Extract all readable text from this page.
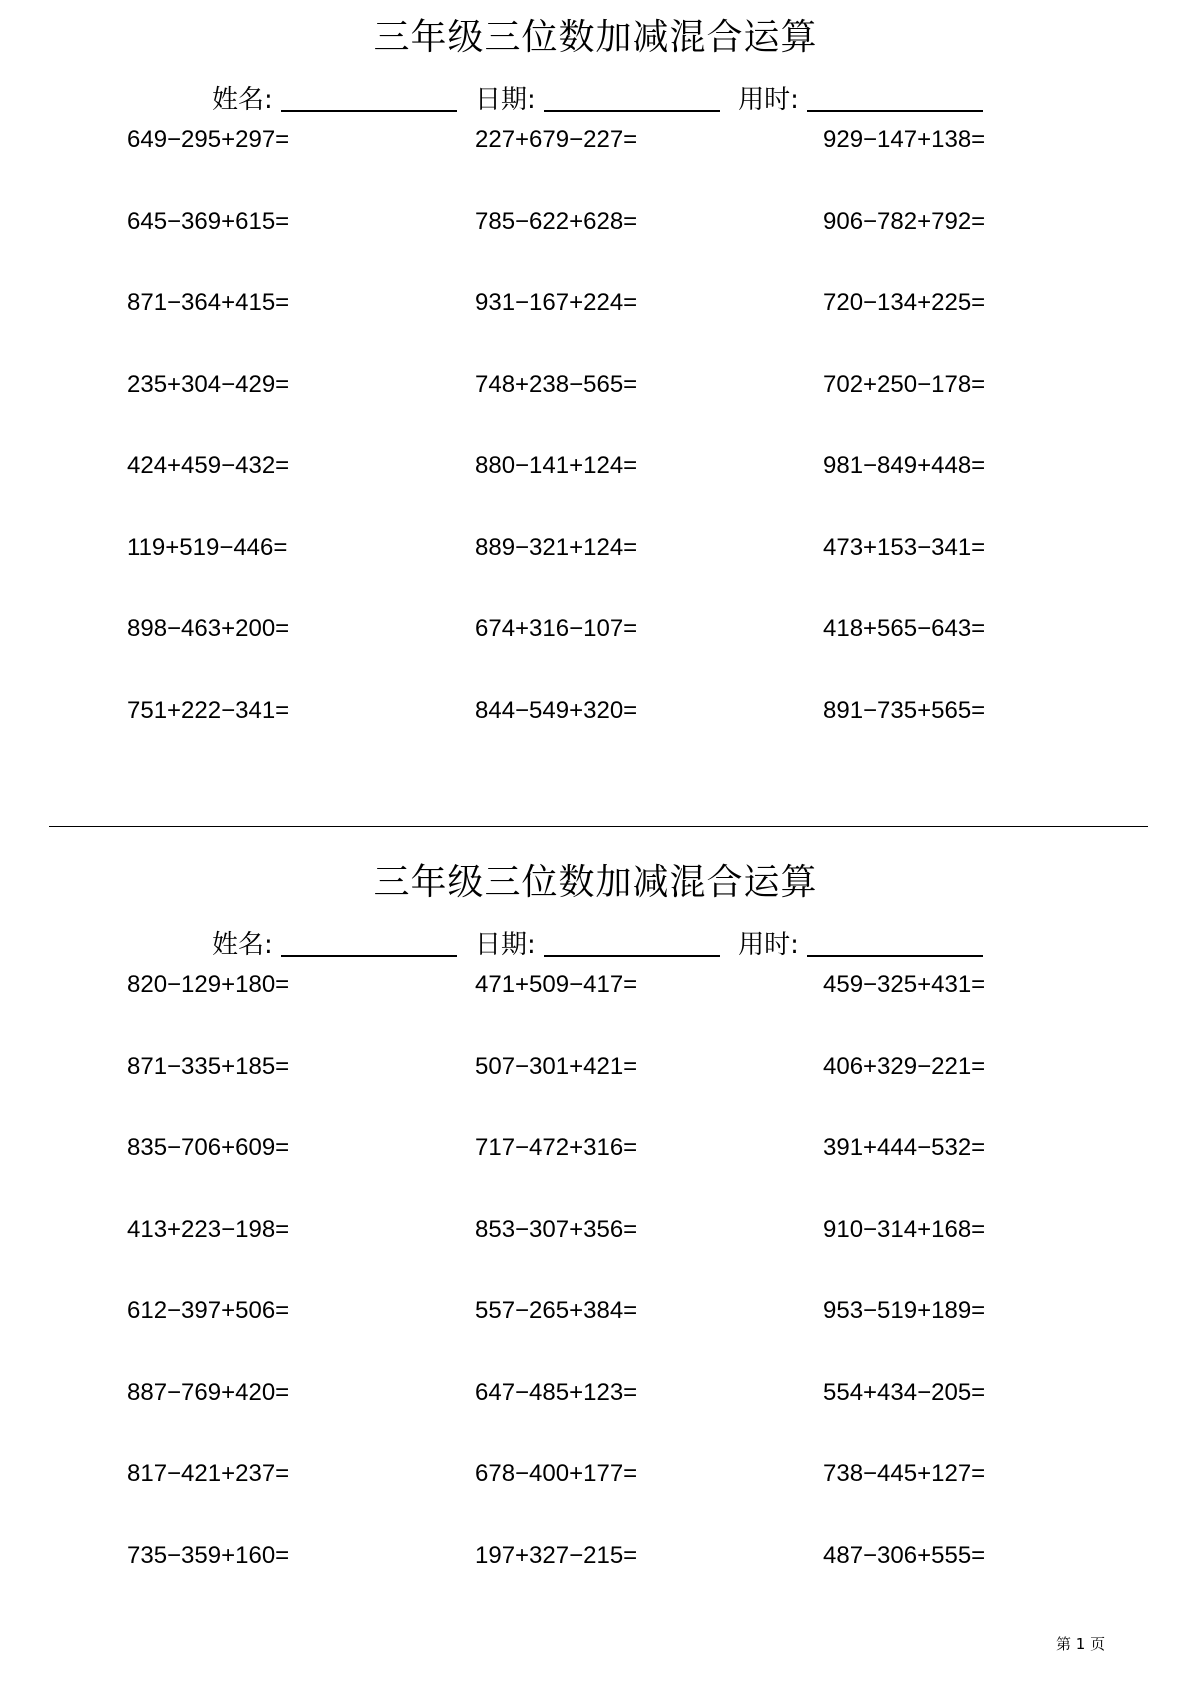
三年级三位数加减混合运算
姓名:	日期:	用时:
649−295+297=	227+679−227=	929−147+138=
645−369+615=	785−622+628=	906−782+792=
871−364+415=	931−167+224=	720−134+225=
235+304−429=	748+238−565=	702+250−178=
424+459−432=	880−141+124=	981−849+448=
119+519−446=	889−321+124=	473+153−341=
898−463+200=	674+316−107=	418+565−643=
751+222−341=	844−549+320=	891−735+565=
三年级三位数加减混合运算
姓名:	日期:	用时:
820−129+180=	471+509−417=	459−325+431=
871−335+185=	507−301+421=	406+329−221=
835−706+609=	717−472+316=	391+444−532=
413+223−198=	853−307+356=	910−314+168=
612−397+506=	557−265+384=	953−519+189=
887−769+420=	647−485+123=	554+434−205=
817−421+237=	678−400+177=	738−445+127=
735−359+160=	197+327−215=	487−306+555=
第 1 页
